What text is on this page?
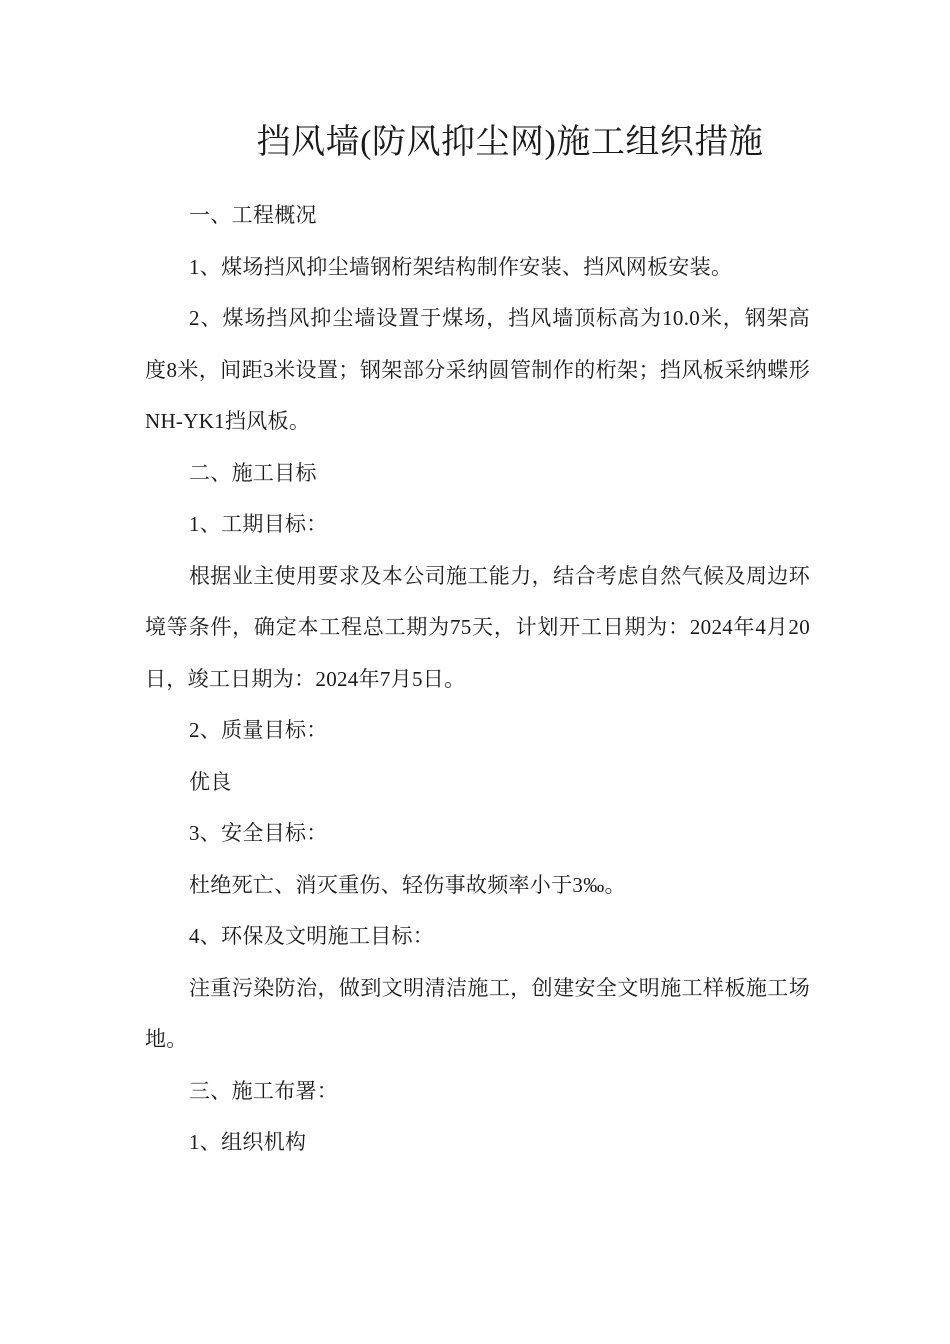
挡风墙(防风抑尘网)施工组织措施

一、工程概况

1、煤场挡风抑尘墙钢桁架结构制作安装、挡风网板安装。

2、煤场挡风抑尘墙设置于煤场，挡风墙顶标高为10.0米，钢架高度8米，间距3米设置；钢架部分采纳圆管制作的桁架；挡风板采纳蝶形NH-YK1挡风板。

二、施工目标

1、工期目标：

根据业主使用要求及本公司施工能力，结合考虑自然气候及周边环境等条件，确定本工程总工期为75天，计划开工日期为：2024年4月20日，竣工日期为：2024年7月5日。

2、质量目标：

优良

3、安全目标：

杜绝死亡、消灭重伤、轻伤事故频率小于3‰。

4、环保及文明施工目标：

注重污染防治，做到文明清洁施工，创建安全文明施工样板施工场地。

三、施工布署：

1、组织机构
